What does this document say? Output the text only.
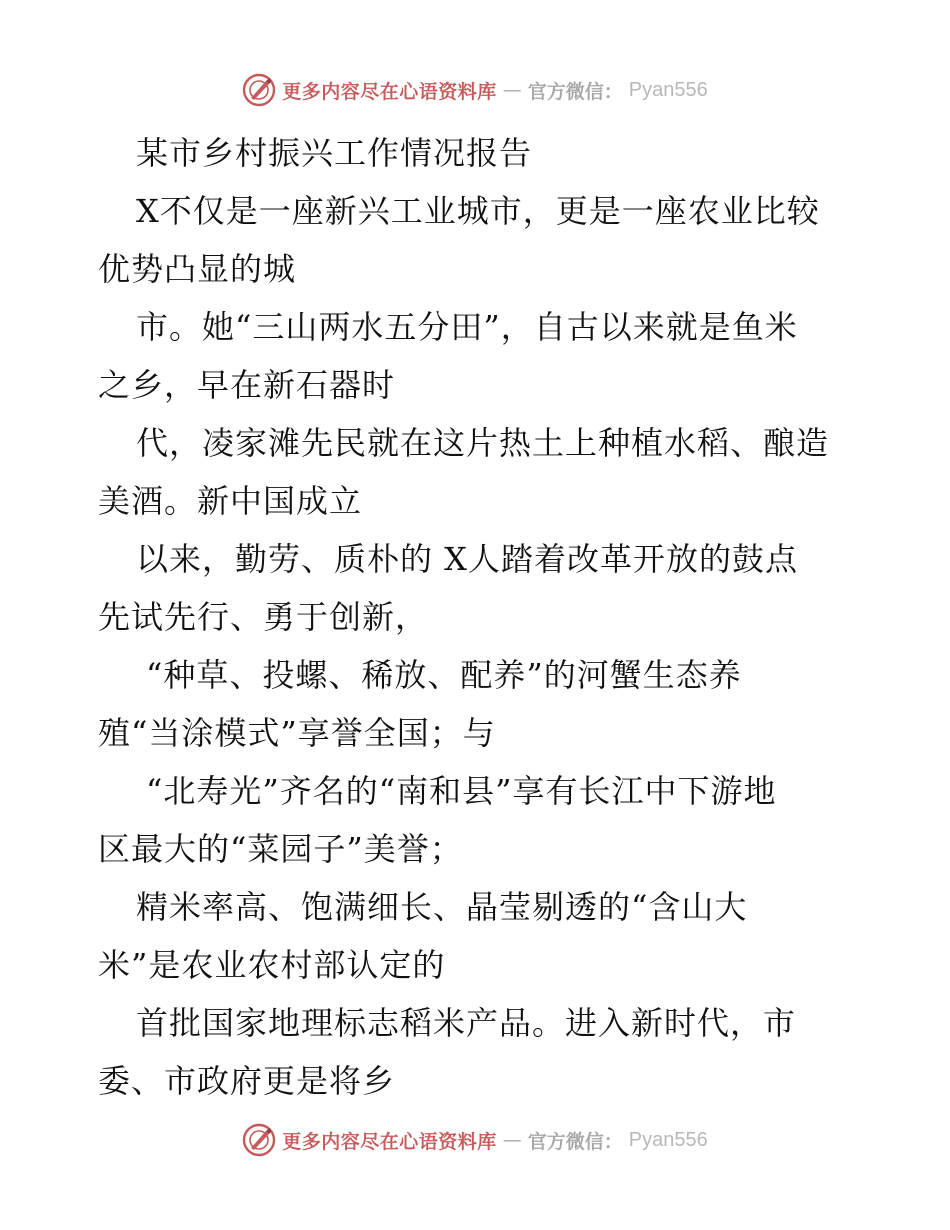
更多内容尽在心语资料库 — 官方微信： Pyan556
某市乡村振兴工作情况报告
X不仅是一座新兴工业城市，更是一座农业比较
优势凸显的城
市。她“三山两水五分田”，自古以来就是鱼米
之乡，早在新石器时
代，凌家滩先民就在这片热土上种植水稻、酿造
美酒。新中国成立
以来，勤劳、质朴的 X人踏着改革开放的鼓点
先试先行、勇于创新，
“种草、投螺、稀放、配养”的河蟹生态养
殖“当涂模式”享誉全国；与
“北寿光”齐名的“南和县”享有长江中下游地
区最大的“菜园子”美誉；
精米率高、饱满细长、晶莹剔透的“含山大
米”是农业农村部认定的
首批国家地理标志稻米产品。进入新时代，市
委、市政府更是将乡
更多内容尽在心语资料库 — 官方微信： Pyan556
